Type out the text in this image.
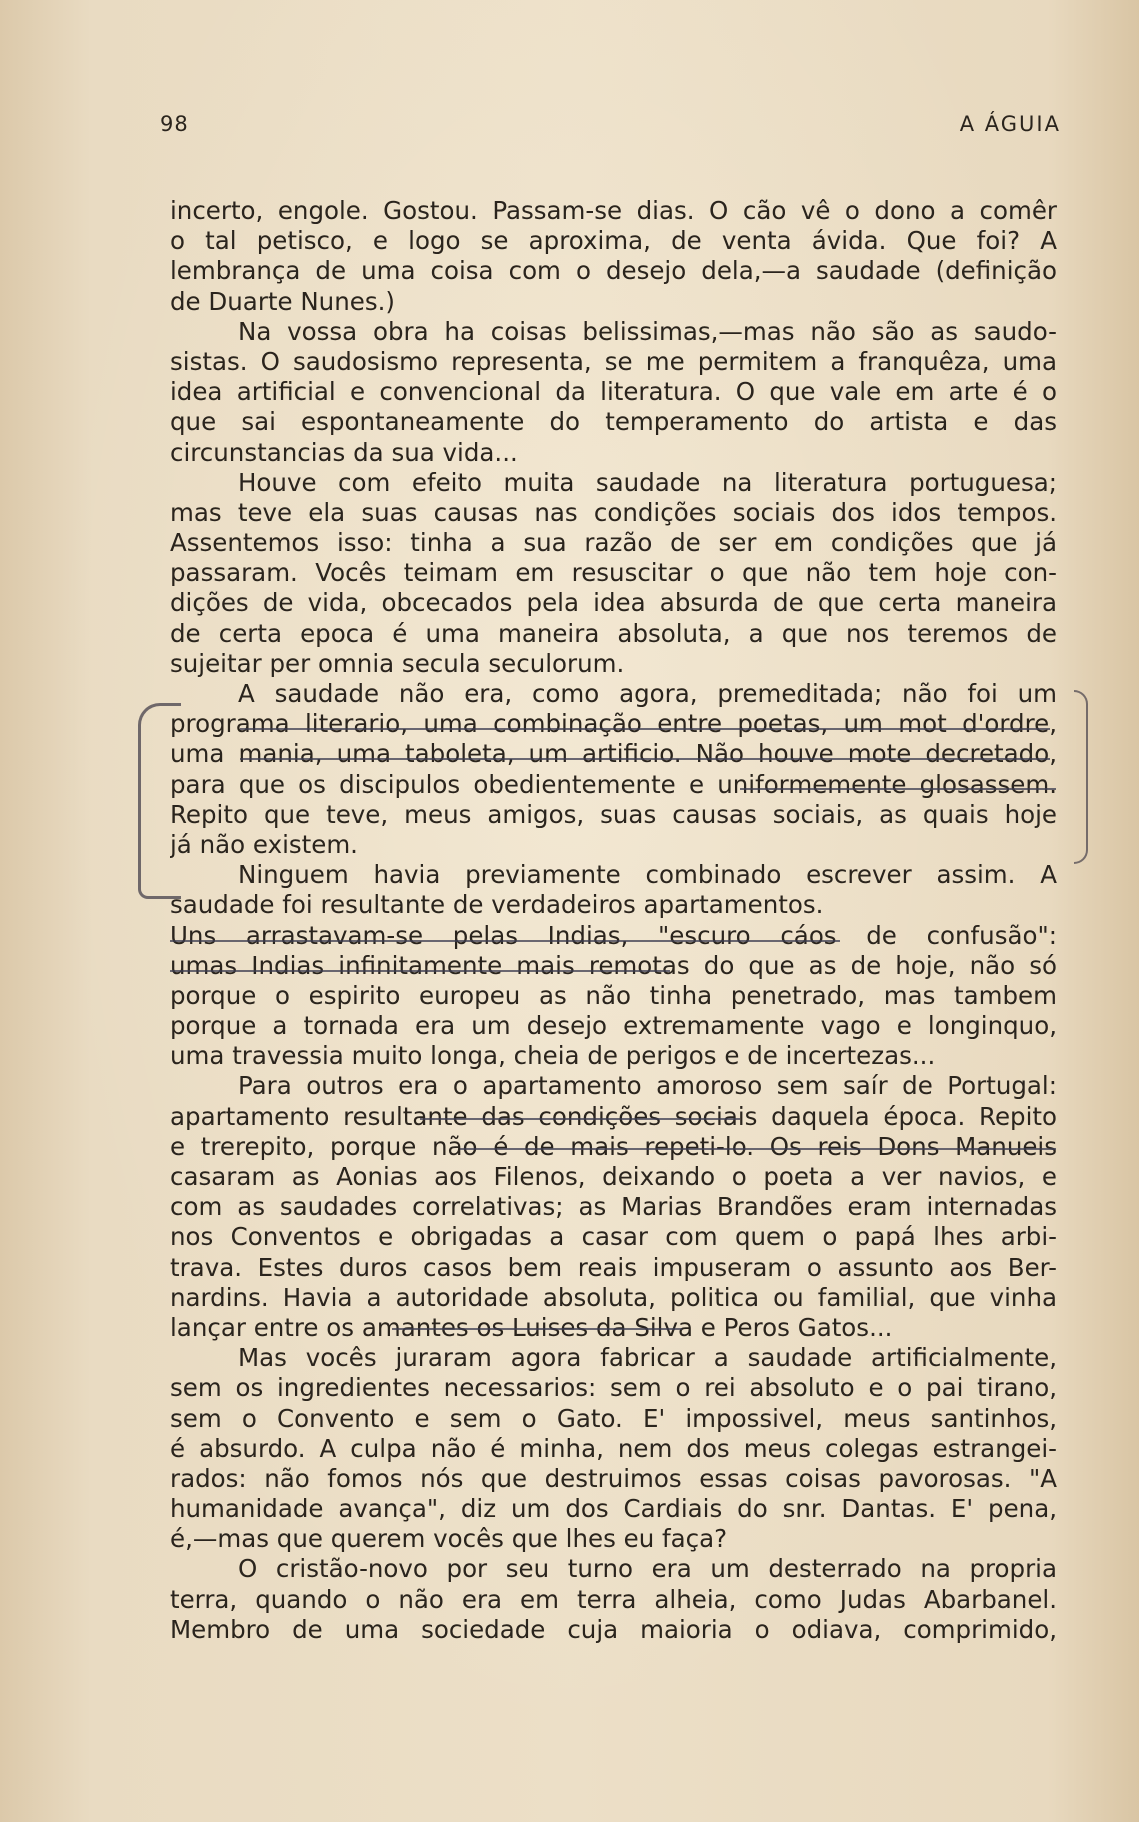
98	A ÁGUIA
incerto, engole. Gostou. Passam-se dias. O cão vê o dono a comêr
o tal petisco, e logo se aproxima, de venta ávida. Que foi? A
lembrança de uma coisa com o desejo dela,—a saudade (definição
de Duarte Nunes.)
Na vossa obra ha coisas belissimas,—mas não são as saudo-
sistas. O saudosismo representa, se me permitem a franquêza, uma
idea artificial e convencional da literatura. O que vale em arte é o
que sai espontaneamente do temperamento do artista e das
circunstancias da sua vida...
Houve com efeito muita saudade na literatura portuguesa;
mas teve ela suas causas nas condições sociais dos idos tempos.
Assentemos isso: tinha a sua razão de ser em condições que já
passaram. Vocês teimam em resuscitar o que não tem hoje con-
dições de vida, obcecados pela idea absurda de que certa maneira
de certa epoca é uma maneira absoluta, a que nos teremos de
sujeitar per omnia secula seculorum.
A saudade não era, como agora, premeditada; não foi um
programa literario, uma combinação entre poetas, um mot d'ordre,
uma mania, uma taboleta, um artificio. Não houve mote decretado,
para que os discipulos obedientemente e uniformemente glosassem.
Repito que teve, meus amigos, suas causas sociais, as quais hoje
já não existem.
Ninguem havia previamente combinado escrever assim. A
saudade foi resultante de verdadeiros apartamentos.
Uns arrastavam-se pelas Indias, "escuro cáos de confusão":
umas Indias infinitamente mais remotas do que as de hoje, não só
porque o espirito europeu as não tinha penetrado, mas tambem
porque a tornada era um desejo extremamente vago e longinquo,
uma travessia muito longa, cheia de perigos e de incertezas...
Para outros era o apartamento amoroso sem saír de Portugal:
apartamento resultante das condições sociais daquela época. Repito
e trerepito, porque não é de mais repeti-lo. Os reis Dons Manueis
casaram as Aonias aos Filenos, deixando o poeta a ver navios, e
com as saudades correlativas; as Marias Brandões eram internadas
nos Conventos e obrigadas a casar com quem o papá lhes arbi-
trava. Estes duros casos bem reais impuseram o assunto aos Ber-
nardins. Havia a autoridade absoluta, politica ou familial, que vinha
lançar entre os amantes os Luises da Silva e Peros Gatos...
Mas vocês juraram agora fabricar a saudade artificialmente,
sem os ingredientes necessarios: sem o rei absoluto e o pai tirano,
sem o Convento e sem o Gato. E' impossivel, meus santinhos,
é absurdo. A culpa não é minha, nem dos meus colegas estrangei-
rados: não fomos nós que destruimos essas coisas pavorosas. "A
humanidade avança", diz um dos Cardiais do snr. Dantas. E' pena,
é,—mas que querem vocês que lhes eu faça?
O cristão-novo por seu turno era um desterrado na propria
terra, quando o não era em terra alheia, como Judas Abarbanel.
Membro de uma sociedade cuja maioria o odiava, comprimido,
